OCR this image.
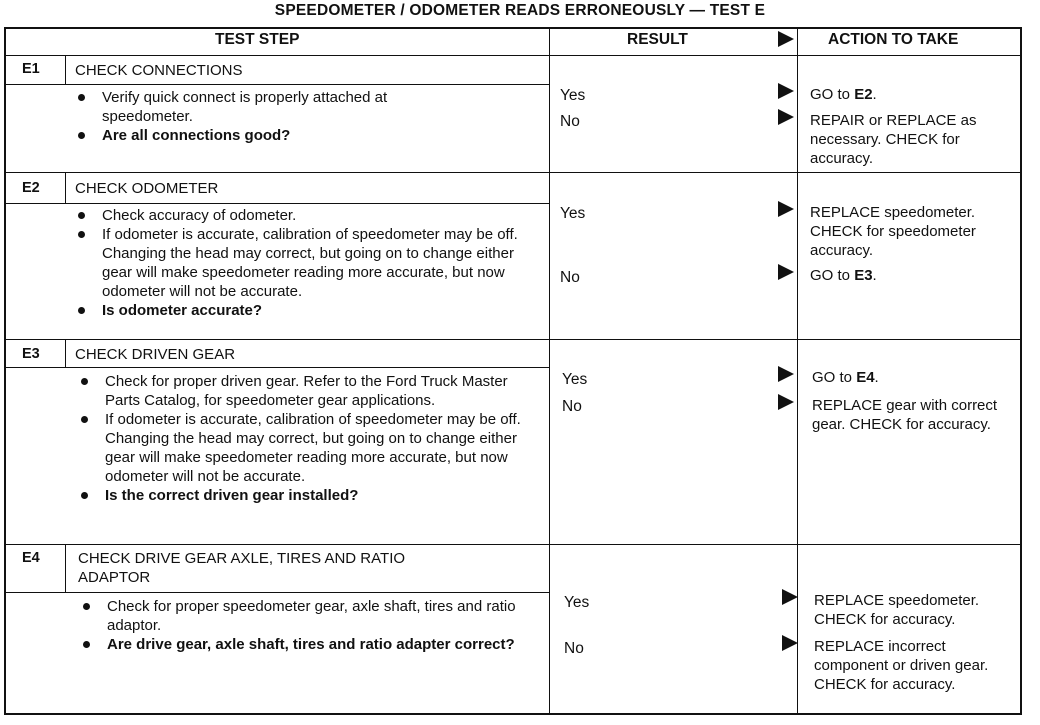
SPEEDOMETER / ODOMETER READS ERRONEOUSLY — TEST E
TEST STEP	RESULT	ACTION TO TAKE
E1 CHECK CONNECTIONS
Verify quick connect is properly attached at speedometer.
Are all connections good?
Yes	GO to E2.
No	REPAIR or REPLACE as necessary. CHECK for accuracy.
E2 CHECK ODOMETER
Check accuracy of odometer.
If odometer is accurate, calibration of speedometer may be off. Changing the head may correct, but going on to change either gear will make speedometer reading more accurate, but now odometer will not be accurate.
Is odometer accurate?
Yes	REPLACE speedometer. CHECK for speedometer accuracy.
No	GO to E3.
E3 CHECK DRIVEN GEAR
Check for proper driven gear. Refer to the Ford Truck Master Parts Catalog, for speedometer gear applications.
If odometer is accurate, calibration of speedometer may be off. Changing the head may correct, but going on to change either gear will make speedometer reading more accurate, but now odometer will not be accurate.
Is the correct driven gear installed?
Yes	GO to E4.
No	REPLACE gear with correct gear. CHECK for accuracy.
E4	CHECK DRIVE GEAR AXLE, TIRES AND RATIO ADAPTOR
Check for proper speedometer gear, axle shaft, tires and ratio adaptor.
Are drive gear, axle shaft, tires and ratio adapter correct?
Yes	REPLACE speedometer. CHECK for accuracy.
No	REPLACE incorrect component or driven gear. CHECK for accuracy.
